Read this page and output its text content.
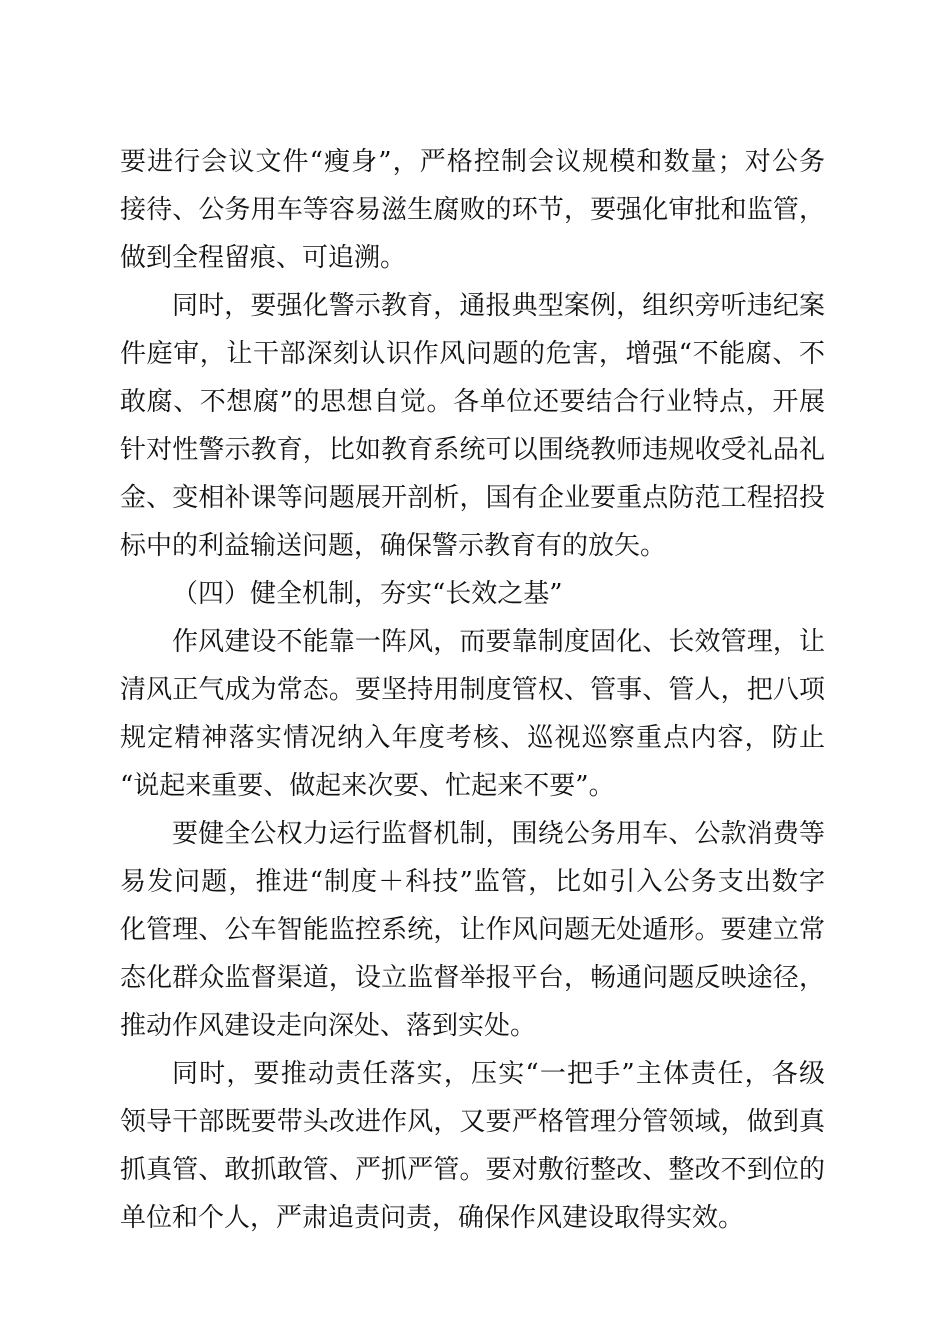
要进行会议文件“瘦身”，严格控制会议规模和数量；对公务
接待、公务用车等容易滋生腐败的环节，要强化审批和监管，
做到全程留痕、可追溯。
同时，要强化警示教育，通报典型案例，组织旁听违纪案
件庭审，让干部深刻认识作风问题的危害，增强“不能腐、不
敢腐、不想腐”的思想自觉。各单位还要结合行业特点，开展
针对性警示教育，比如教育系统可以围绕教师违规收受礼品礼
金、变相补课等问题展开剖析，国有企业要重点防范工程招投
标中的利益输送问题，确保警示教育有的放矢。
（四）健全机制，夯实“长效之基”
作风建设不能靠一阵风，而要靠制度固化、长效管理，让
清风正气成为常态。要坚持用制度管权、管事、管人，把八项
规定精神落实情况纳入年度考核、巡视巡察重点内容，防止
“说起来重要、做起来次要、忙起来不要”。
要健全公权力运行监督机制，围绕公务用车、公款消费等
易发问题，推进“制度＋科技”监管，比如引入公务支出数字
化管理、公车智能监控系统，让作风问题无处遁形。要建立常
态化群众监督渠道，设立监督举报平台，畅通问题反映途径，
推动作风建设走向深处、落到实处。
同时，要推动责任落实，压实“一把手”主体责任，各级
领导干部既要带头改进作风，又要严格管理分管领域，做到真
抓真管、敢抓敢管、严抓严管。要对敷衍整改、整改不到位的
单位和个人，严肃追责问责，确保作风建设取得实效。
